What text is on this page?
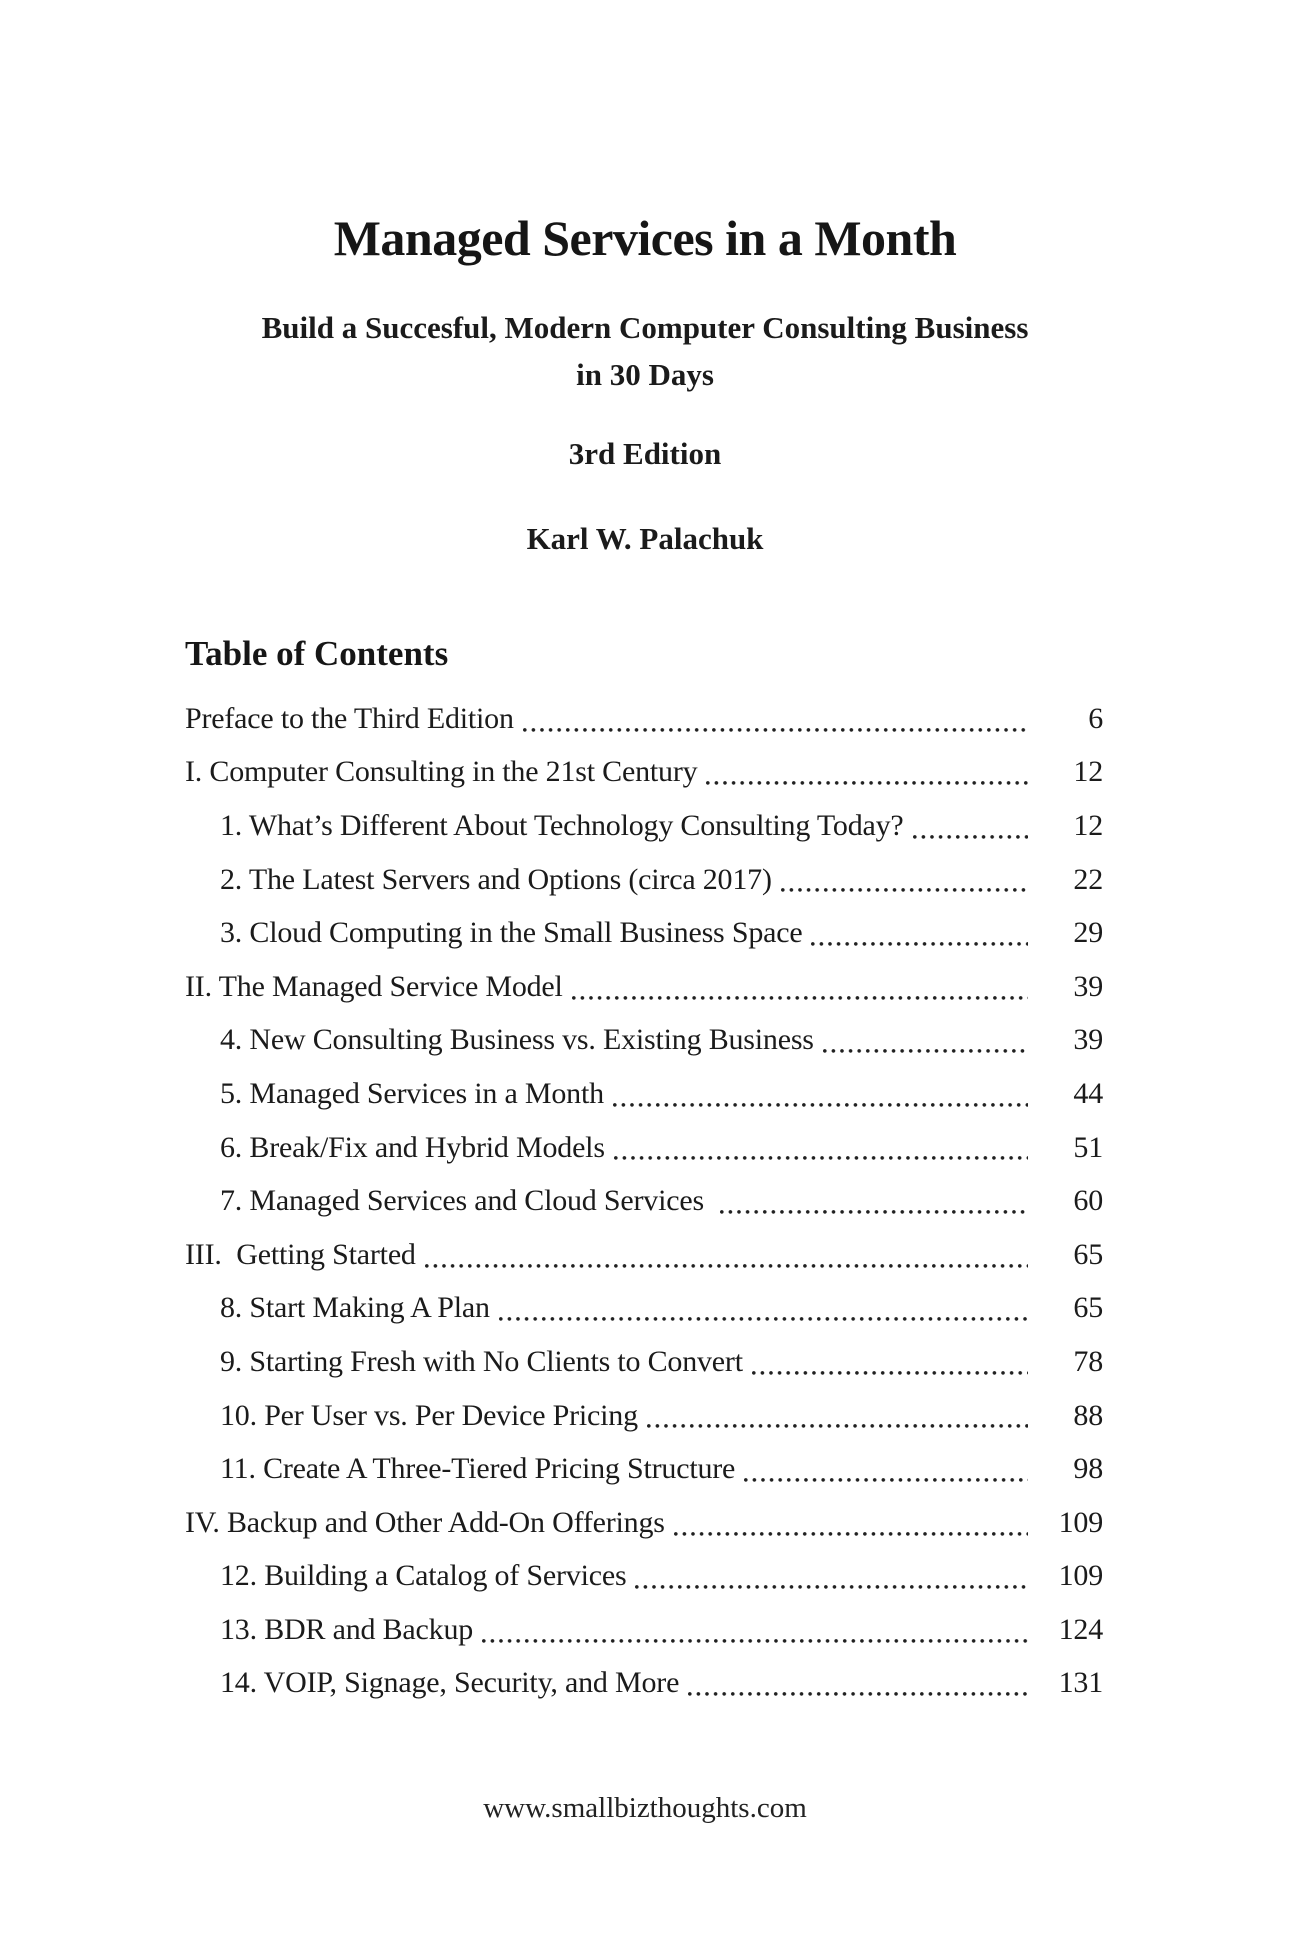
Managed Services in a Month
Build a Succesful, Modern Computer Consulting Business
in 30 Days
3rd Edition
Karl W. Palachuk
Table of Contents
Preface to the Third Edition	6
I. Computer Consulting in the 21st Century	12
1. What’s Different About Technology Consulting Today?	12
2. The Latest Servers and Options (circa 2017)	22
3. Cloud Computing in the Small Business Space	29
II. The Managed Service Model	39
4. New Consulting Business vs. Existing Business	39
5. Managed Services in a Month	44
6. Break/Fix and Hybrid Models	51
7. Managed Services and Cloud Services	60
III.  Getting Started	65
8. Start Making A Plan	65
9. Starting Fresh with No Clients to Convert	78
10. Per User vs. Per Device Pricing	88
11. Create A Three-Tiered Pricing Structure	98
IV. Backup and Other Add-On Offerings	109
12. Building a Catalog of Services	109
13. BDR and Backup	124
14. VOIP, Signage, Security, and More	131
www.smallbizthoughts.com
